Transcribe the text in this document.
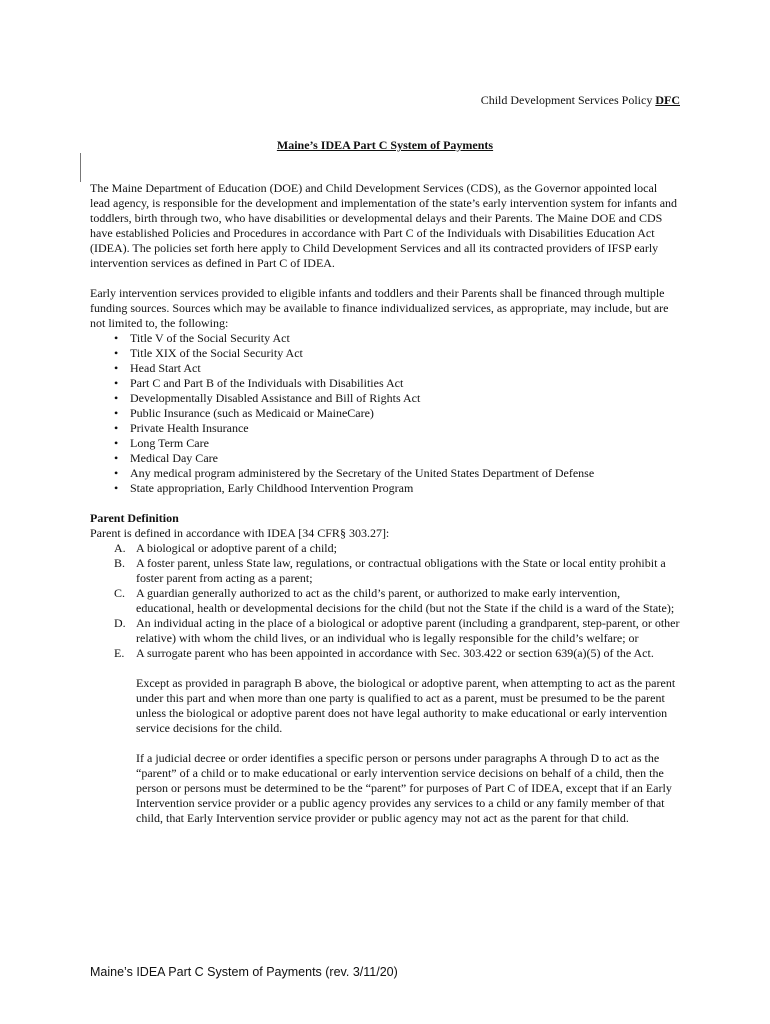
Child Development Services Policy DFC
Maine’s IDEA Part C System of Payments

The Maine Department of Education (DOE) and Child Development Services (CDS), as the Governor appointed local lead agency, is responsible for the development and implementation of the state’s early intervention system for infants and toddlers, birth through two, who have disabilities or developmental delays and their Parents. The Maine DOE and CDS have established Policies and Procedures in accordance with Part C of the Individuals with Disabilities Education Act (IDEA). The policies set forth here apply to Child Development Services and all its contracted providers of IFSP early intervention services as defined in Part C of IDEA.

Early intervention services provided to eligible infants and toddlers and their Parents shall be financed through multiple funding sources. Sources which may be available to finance individualized services, as appropriate, may include, but are not limited to, the following:

• Title V of the Social Security Act
• Title XIX of the Social Security Act
• Head Start Act
• Part C and Part B of the Individuals with Disabilities Act
• Developmentally Disabled Assistance and Bill of Rights Act
• Public Insurance (such as Medicaid or MaineCare)
• Private Health Insurance
• Long Term Care
• Medical Day Care
• Any medical program administered by the Secretary of the United States Department of Defense
• State appropriation, Early Childhood Intervention Program

Parent Definition

Parent is defined in accordance with IDEA [34 CFR§ 303.27]:

A. A biological or adoptive parent of a child;
B. A foster parent, unless State law, regulations, or contractual obligations with the State or local entity prohibit a foster parent from acting as a parent;
C. A guardian generally authorized to act as the child’s parent, or authorized to make early intervention, educational, health or developmental decisions for the child (but not the State if the child is a ward of the State);
D. An individual acting in the place of a biological or adoptive parent (including a grandparent, step-parent, or other relative) with whom the child lives, or an individual who is legally responsible for the child’s welfare; or
E. A surrogate parent who has been appointed in accordance with Sec. 303.422 or section 639(a)(5) of the Act.

Except as provided in paragraph B above, the biological or adoptive parent, when attempting to act as the parent under this part and when more than one party is qualified to act as a parent, must be presumed to be the parent unless the biological or adoptive parent does not have legal authority to make educational or early intervention service decisions for the child.

If a judicial decree or order identifies a specific person or persons under paragraphs A through D to act as the “parent” of a child or to make educational or early intervention service decisions on behalf of a child, then the person or persons must be determined to be the “parent” for purposes of Part C of IDEA, except that if an Early Intervention service provider or a public agency provides any services to a child or any family member of that child, that Early Intervention service provider or public agency may not act as the parent for that child.

Maine’s IDEA Part C System of Payments (rev. 3/11/20)
